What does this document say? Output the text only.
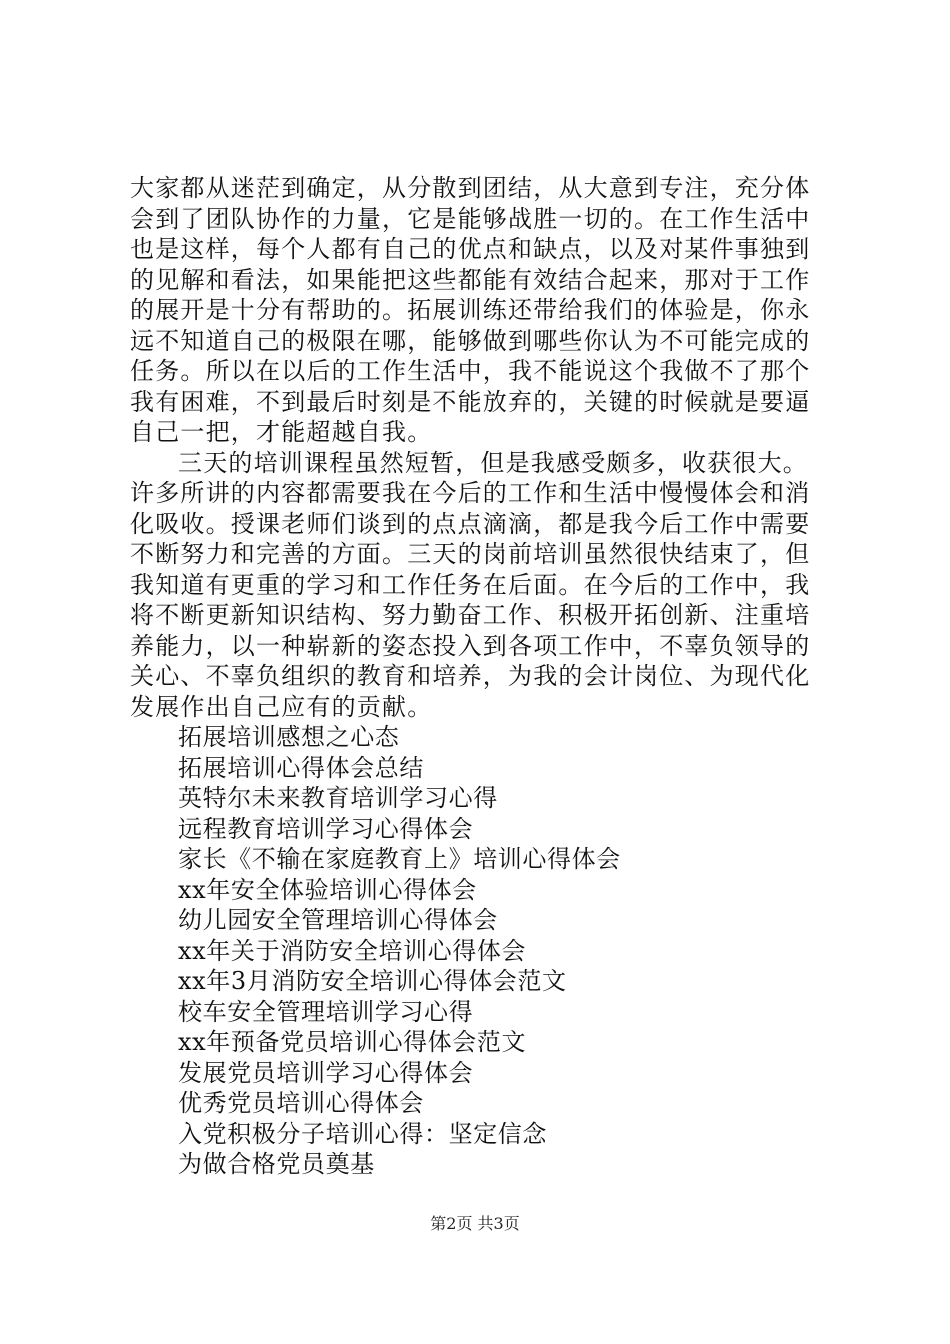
大家都从迷茫到确定，从分散到团结，从大意到专注，充分体
会到了团队协作的力量，它是能够战胜一切的。在工作生活中
也是这样，每个人都有自己的优点和缺点，以及对某件事独到
的见解和看法，如果能把这些都能有效结合起来，那对于工作
的展开是十分有帮助的。拓展训练还带给我们的体验是，你永
远不知道自己的极限在哪，能够做到哪些你认为不可能完成的
任务。所以在以后的工作生活中，我不能说这个我做不了那个
我有困难，不到最后时刻是不能放弃的，关键的时候就是要逼
自己一把，才能超越自我。
三天的培训课程虽然短暂，但是我感受颇多，收获很大。
许多所讲的内容都需要我在今后的工作和生活中慢慢体会和消
化吸收。授课老师们谈到的点点滴滴，都是我今后工作中需要
不断努力和完善的方面。三天的岗前培训虽然很快结束了，但
我知道有更重的学习和工作任务在后面。在今后的工作中，我
将不断更新知识结构、努力勤奋工作、积极开拓创新、注重培
养能力，以一种崭新的姿态投入到各项工作中，不辜负领导的
关心、不辜负组织的教育和培养，为我的会计岗位、为现代化
发展作出自己应有的贡献。
拓展培训感想之心态
拓展培训心得体会总结
英特尔未来教育培训学习心得
远程教育培训学习心得体会
家长《不输在家庭教育上》培训心得体会
xx年安全体验培训心得体会
幼儿园安全管理培训心得体会
xx年关于消防安全培训心得体会
xx年3月消防安全培训心得体会范文
校车安全管理培训学习心得
xx年预备党员培训心得体会范文
发展党员培训学习心得体会
优秀党员培训心得体会
入党积极分子培训心得：坚定信念
为做合格党员奠基
第2页 共3页
